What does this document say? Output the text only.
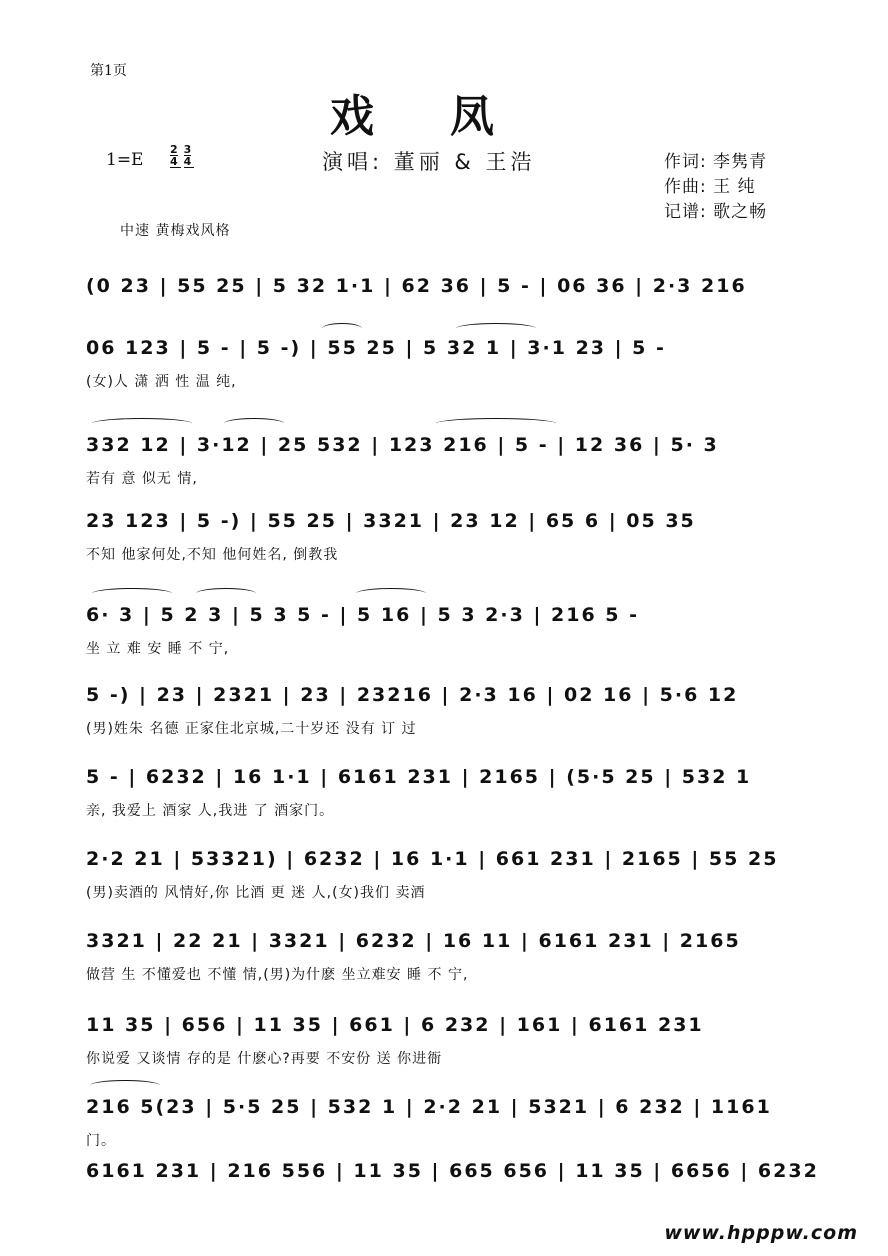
第1页
戏凤
$1=E \frac{2}{4} \frac{3}{4}$	演唱: 董丽 & 王浩	作词: 李隽青
作曲: 王 纯
记谱: 歌之畅
中速 黄梅戏风格
(0 23 | 55 25 | 5 32 1·1 | 62 36 | 5 - | 06 36 | 2·3 216
06 123 | 5 - | 5 -) | 55 25 | 5 32 1 | 3·1 23 | 5 -
(女)人 潇 洒 性 温 纯,
332 12 | 3·12 | 25 532 | 123 216 | 5 - | 12 36 | 5· 3
若有 意 似无 情,
23 123 | 5 -) | 55 25 | 3321 | 23 12 | 65 6 | 05 35
不知 他家何处,不知 他何姓名, 倒教我
6· 3 | 5 2 3 | 5 3 5 - | 5 16 | 5 3 2·3 | 216 5 -
坐 立 难 安 睡 不 宁,
5 -) | 23 | 2321 | 23 | 23216 | 2·3 16 | 02 16 | 5·6 12
(男)姓朱 名德 正家住北京城,二十岁还 没有 订 过
5 - | 6232 | 16 1·1 | 6161 231 | 2165 | (5·5 25 | 532 1
亲, 我爱上 酒家 人,我进 了 酒家门。
2·2 21 | 53321) | 6232 | 16 1·1 | 661 231 | 2165 | 55 25
(男)卖酒的 风情好,你 比酒 更 迷 人,(女)我们 卖酒
3321 | 22 21 | 3321 | 6232 | 16 11 | 6161 231 | 2165
做营 生 不懂爱也 不懂 情,(男)为什麽 坐立难安 睡 不 宁,
11 35 | 656 | 11 35 | 661 | 6 232 | 161 | 6161 231
你说爱 又谈情 存的是 什麽心?再要 不安份 送 你进衙
216 5(23 | 5·5 25 | 532 1 | 2·2 21 | 5321 | 6 232 | 1161
门。
6161 231 | 216 556 | 11 35 | 665 656 | 11 35 | 6656 | 6232
www.hpppw.com
